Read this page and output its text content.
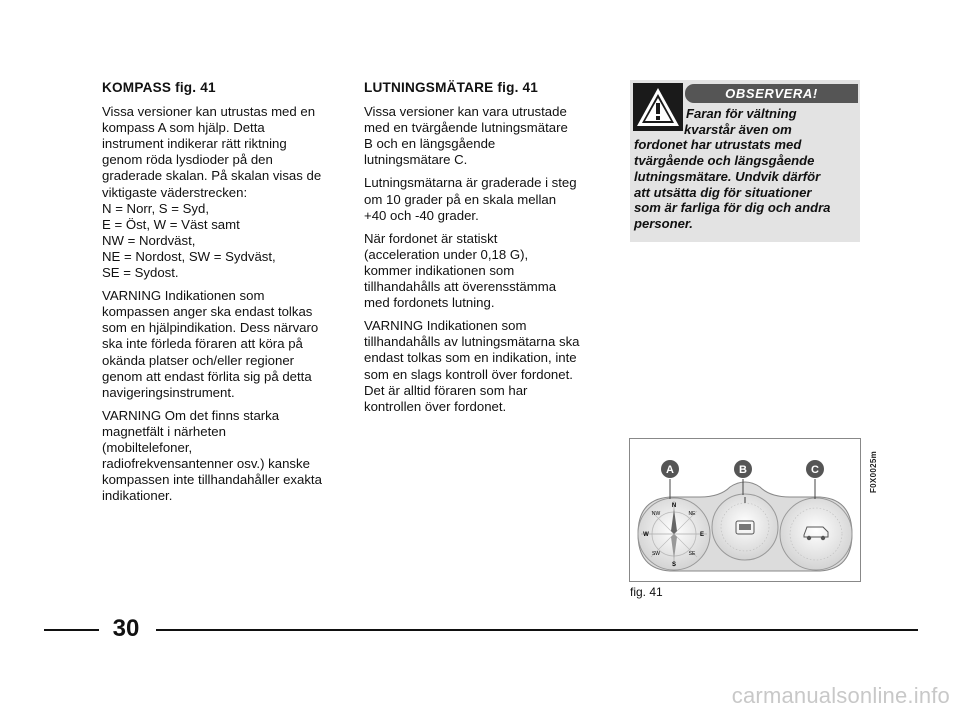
KOMPASS fig. 41

Vissa versioner kan utrustas med en
kompass A som hjälp. Detta
instrument indikerar rätt riktning
genom röda lysdioder på den
graderade skalan. På skalan visas de
viktigaste väderstrecken:
N = Norr, S = Syd,
E = Öst, W = Väst samt
NW = Nordväst,
NE = Nordost, SW = Sydväst,
SE = Sydost.

VARNING Indikationen som
kompassen anger ska endast tolkas
som en hjälpindikation. Dess närvaro
ska inte förleda föraren att köra på
okända platser och/eller regioner
genom att endast förlita sig på detta
navigeringsinstrument.

VARNING Om det finns starka
magnetfält i närheten
(mobiltelefoner,
radiofrekvensantenner osv.) kanske
kompassen inte tillhandahåller exakta
indikationer.

LUTNINGSMÄTARE fig. 41

Vissa versioner kan vara utrustade
med en tvärgående lutningsmätare
B och en längsgående
lutningsmätare C.

Lutningsmätarna är graderade i steg
om 10 grader på en skala mellan
+40 och -40 grader.

När fordonet är statiskt
(acceleration under 0,18 G),
kommer indikationen som
tillhandahålls att överensstämma
med fordonets lutning.

VARNING Indikationen som
tillhandahålls av lutningsmätarna ska
endast tolkas som en indikation, inte
som en slags kontroll över fordonet.
Det är alltid föraren som har
kontrollen över fordonet.

OBSERVERA!
Faran för vältning
kvarstår även om
fordonet har utrustats med
tvärgående och längsgående
lutningsmätare. Undvik därför
att utsätta dig för situationer
som är farliga för dig och andra
personer.
N
NE
E
SE
S
SW
W
NW
A	B	C	F0X0025m
fig. 41
30
carmanualsonline.info
